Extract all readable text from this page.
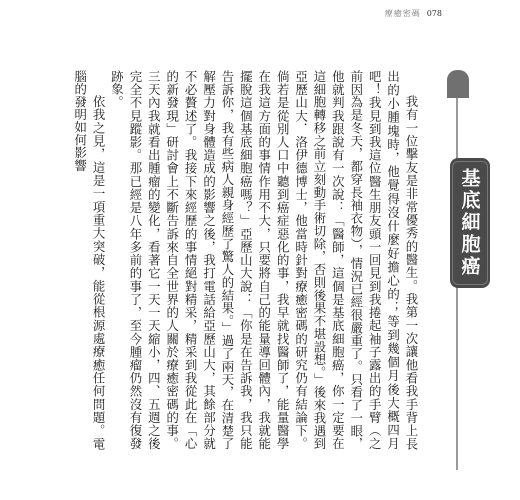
療癒密碼 078

我有一位擊友是非常優秀的醫生。我第一次讓他看我手背上長出的小腫塊時，他覺得沒什麼好擔心的；等到幾個月後大概四月吧！我見到我這位醫生朋友頭一回見到我捲起袖子露出的手臂（之前因為是冬天，都穿長袖衣物），情況已經很嚴重了。只看了一眼，他就判我跟說有一次說：「醫師，這個是基底細胞癌，你一定要在這細胞轉移之前立刻動手術切除，否則後果不堪設想。」後來我遇到亞歷山大．洛伊德博士，他當時針對療癒密碼的研究仍有結論下。倘若是從別人口中聽到癌症惡化的事，我早就找醫師了，能量醫學在我這方面的事情作用不大，只要將自己的能量導回體內，我就能擺脫這個基底細胞癌嗎？」亞歷山大說：「你是在告訴我，我只能告訴你，我有些病人親身經歷了驚人的結果。」過了兩天，在清楚了解壓力對身體造成的影響之後，我打電話給亞歷山大，其餘部分就不必贅述了。我接下來經歷的事情絕對精采，精采到我從此在「心的新發現」研討會上不斷告訴來自全世界的人關於療癒密碼的事。三天內我就看出腫瘤的變化，看著它一天一天縮小，四、五週之後完全不見蹤影。那已經是八年多前的事了，至今腫瘤仍然沒有復發跡象。

依我之見，這是一項重大突破，能從根源處療癒任何問題。電腦的發明如何影響

基底細胞癌
